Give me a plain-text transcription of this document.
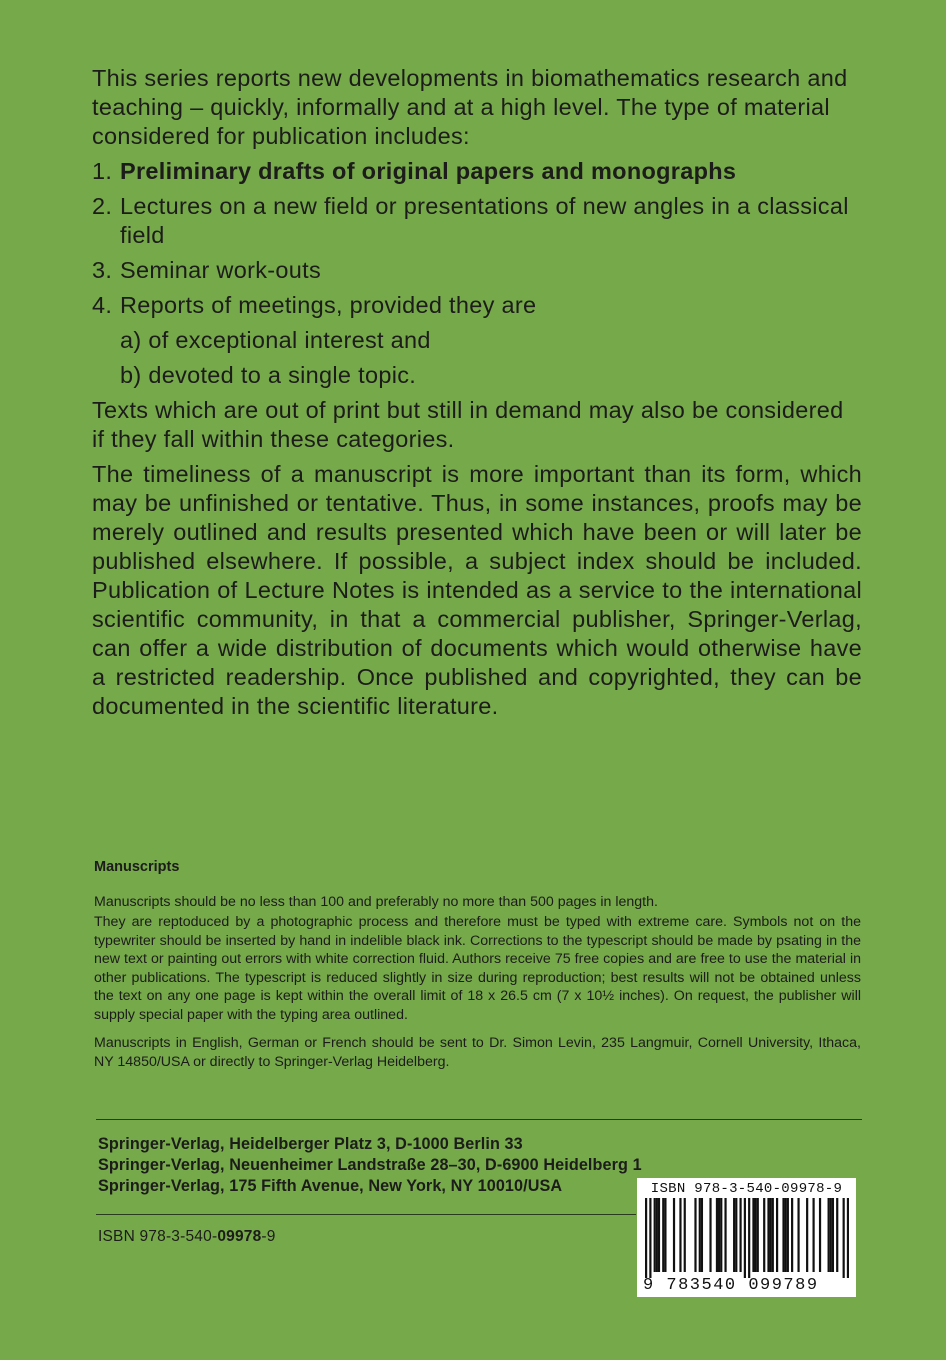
This series reports new developments in biomathematics research and teaching – quickly, informally and at a high level. The type of material considered for publication includes:

1. Preliminary drafts of original papers and monographs
2. Lectures on a new field or presentations of new angles in a classical field
3. Seminar work-outs
4. Reports of meetings, provided they are
a) of exceptional interest and
b) devoted to a single topic.

Texts which are out of print but still in demand may also be considered if they fall within these categories.

The timeliness of a manuscript is more important than its form, which may be unfinished or tentative. Thus, in some instances, proofs may be merely outlined and results presented which have been or will later be published elsewhere. If possible, a subject index should be included. Publication of Lecture Notes is intended as a service to the international scientific community, in that a commercial publisher, Springer-Verlag, can offer a wide distribution of documents which would otherwise have a restricted readership. Once published and copyrighted, they can be documented in the scientific literature.

Manuscripts

Manuscripts should be no less than 100 and preferably no more than 500 pages in length.

They are reptoduced by a photographic process and therefore must be typed with extreme care. Symbols not on the typewriter should be inserted by hand in indelible black ink. Corrections to the typescript should be made by psating in the new text or painting out errors with white correction fluid. Authors receive 75 free copies and are free to use the material in other publications. The typescript is reduced slightly in size during reproduction; best results will not be obtained unless the text on any one page is kept within the overall limit of 18 x 26.5 cm (7 x 10½ inches). On request, the publisher will supply special paper with the typing area outlined.

Manuscripts in English, German or French should be sent to Dr. Simon Levin, 235 Langmuir, Cornell University, Ithaca, NY 14850/USA or directly to Springer-Verlag Heidelberg.

Springer-Verlag, Heidelberger Platz 3, D-1000 Berlin 33
Springer-Verlag, Neuenheimer Landstraße 28–30, D-6900 Heidelberg 1
Springer-Verlag, 175 Fifth Avenue, New York, NY 10010/USA
ISBN 978-3-540-09978-9
ISBN 978-3-540-09978-9
9 783540 099789
